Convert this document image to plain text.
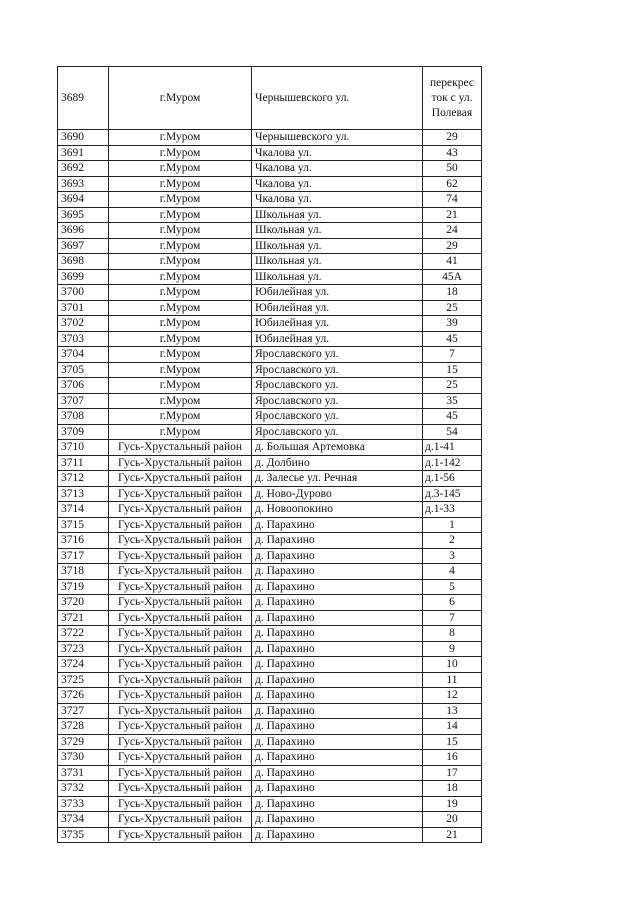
3689	г.Муром	Чернышевского ул.	перекрес ток с ул. Полевая
3690	г.Муром	Чернышевского ул.	29
3691	г.Муром	Чкалова ул.	43
3692	г.Муром	Чкалова ул.	50
3693	г.Муром	Чкалова ул.	62
3694	г.Муром	Чкалова ул.	74
3695	г.Муром	Школьная ул.	21
3696	г.Муром	Школьная ул.	24
3697	г.Муром	Школьная ул.	29
3698	г.Муром	Школьная ул.	41
3699	г.Муром	Школьная ул.	45А
3700	г.Муром	Юбилейная ул.	18
3701	г.Муром	Юбилейная ул.	25
3702	г.Муром	Юбилейная ул.	39
3703	г.Муром	Юбилейная ул.	45
3704	г.Муром	Ярославского ул.	7
3705	г.Муром	Ярославского ул.	15
3706	г.Муром	Ярославского ул.	25
3707	г.Муром	Ярославского ул.	35
3708	г.Муром	Ярославского ул.	45
3709	г.Муром	Ярославского ул.	54
3710	Гусь-Хрустальный район	д. Большая Артемовка	д.1-41
3711	Гусь-Хрустальный район	д. Долбино	д.1-142
3712	Гусь-Хрустальный район	д. Залесье ул. Речная	д.1-56
3713	Гусь-Хрустальный район	д. Ново-Дурово	д.3-145
3714	Гусь-Хрустальный район	д. Новоопокино	д.1-33
3715	Гусь-Хрустальный район	д. Парахино	1
3716	Гусь-Хрустальный район	д. Парахино	2
3717	Гусь-Хрустальный район	д. Парахино	3
3718	Гусь-Хрустальный район	д. Парахино	4
3719	Гусь-Хрустальный район	д. Парахино	5
3720	Гусь-Хрустальный район	д. Парахино	6
3721	Гусь-Хрустальный район	д. Парахино	7
3722	Гусь-Хрустальный район	д. Парахино	8
3723	Гусь-Хрустальный район	д. Парахино	9
3724	Гусь-Хрустальный район	д. Парахино	10
3725	Гусь-Хрустальный район	д. Парахино	11
3726	Гусь-Хрустальный район	д. Парахино	12
3727	Гусь-Хрустальный район	д. Парахино	13
3728	Гусь-Хрустальный район	д. Парахино	14
3729	Гусь-Хрустальный район	д. Парахино	15
3730	Гусь-Хрустальный район	д. Парахино	16
3731	Гусь-Хрустальный район	д. Парахино	17
3732	Гусь-Хрустальный район	д. Парахино	18
3733	Гусь-Хрустальный район	д. Парахино	19
3734	Гусь-Хрустальный район	д. Парахино	20
3735	Гусь-Хрустальный район	д. Парахино	21
